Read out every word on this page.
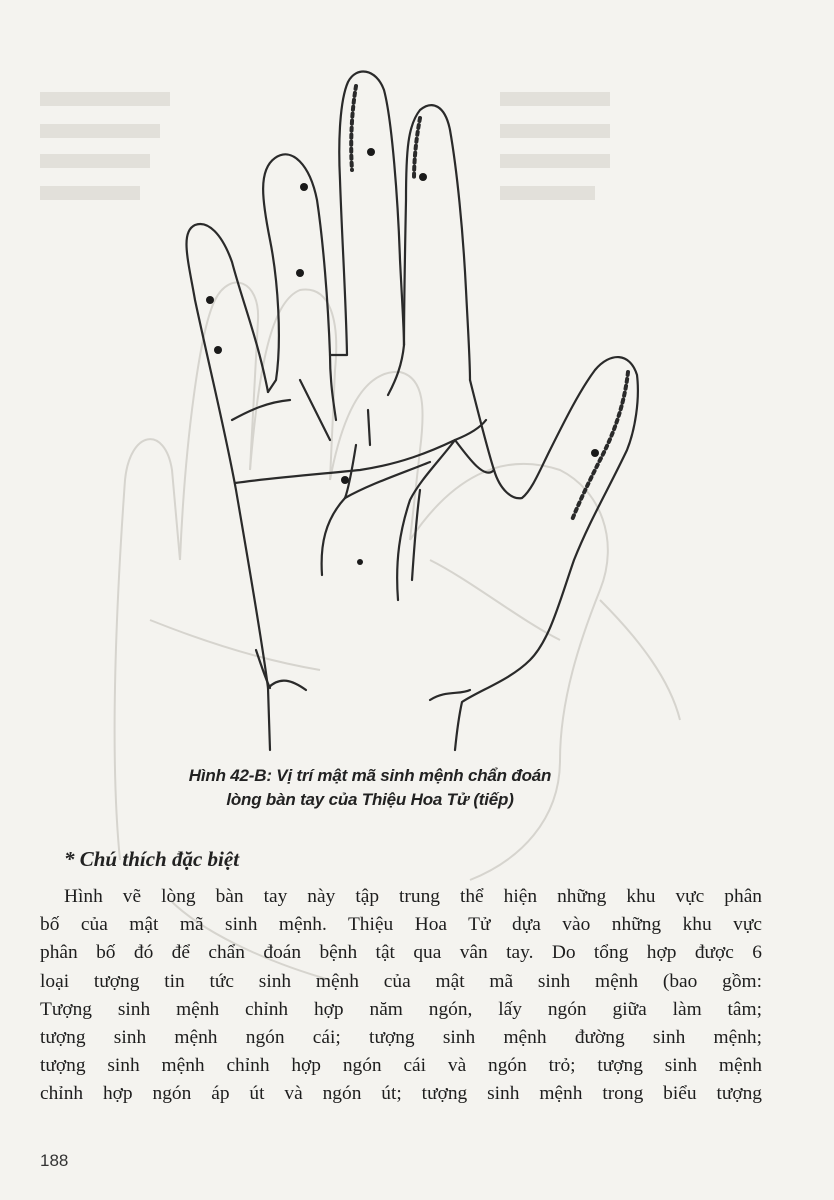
Hình 42-B: Vị trí mật mã sinh mệnh chẩn đoán
lòng bàn tay của Thiệu Hoa Tử (tiếp)
* Chú thích đặc biệt
Hình vẽ lòng bàn tay này tập trung thể hiện những khu vực phân
bố của mật mã sinh mệnh. Thiệu Hoa Tử dựa vào những khu vực
phân bố đó để chẩn đoán bệnh tật qua vân tay. Do tổng hợp được 6
loại tượng tin tức sinh mệnh của mật mã sinh mệnh (bao gồm:
Tượng sinh mệnh chỉnh hợp năm ngón, lấy ngón giữa làm tâm;
tượng sinh mệnh ngón cái; tượng sinh mệnh đường sinh mệnh;
tượng sinh mệnh chỉnh hợp ngón cái và ngón trỏ; tượng sinh mệnh
chỉnh hợp ngón áp út và ngón út; tượng sinh mệnh trong biểu tượng
188
